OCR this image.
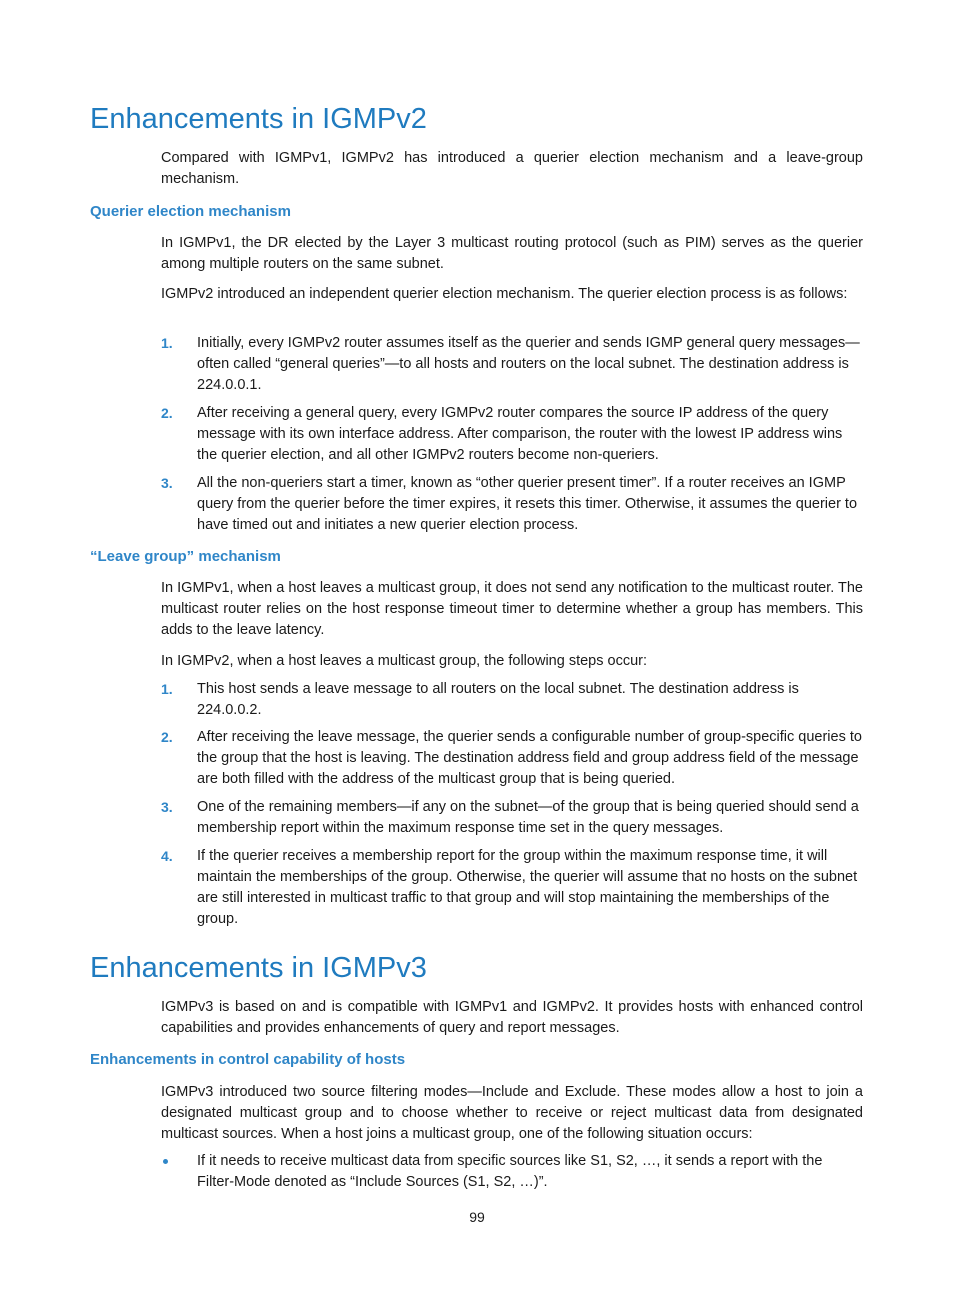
Enhancements in IGMPv2

Compared with IGMPv1, IGMPv2 has introduced a querier election mechanism and a leave-group mechanism.

Querier election mechanism

In IGMPv1, the DR elected by the Layer 3 multicast routing protocol (such as PIM) serves as the querier among multiple routers on the same subnet.

IGMPv2 introduced an independent querier election mechanism. The querier election process is as follows:

1. Initially, every IGMPv2 router assumes itself as the querier and sends IGMP general query messages—often called “general queries”—to all hosts and routers on the local subnet. The destination address is 224.0.0.1.
2. After receiving a general query, every IGMPv2 router compares the source IP address of the query message with its own interface address. After comparison, the router with the lowest IP address wins the querier election, and all other IGMPv2 routers become non-queriers.
3. All the non-queriers start a timer, known as “other querier present timer”. If a router receives an IGMP query from the querier before the timer expires, it resets this timer. Otherwise, it assumes the querier to have timed out and initiates a new querier election process.
“Leave group” mechanism

In IGMPv1, when a host leaves a multicast group, it does not send any notification to the multicast router. The multicast router relies on the host response timeout timer to determine whether a group has members. This adds to the leave latency.

In IGMPv2, when a host leaves a multicast group, the following steps occur:

1. This host sends a leave message to all routers on the local subnet. The destination address is 224.0.0.2.
2. After receiving the leave message, the querier sends a configurable number of group-specific queries to the group that the host is leaving. The destination address field and group address field of the message are both filled with the address of the multicast group that is being queried.
3. One of the remaining members—if any on the subnet—of the group that is being queried should send a membership report within the maximum response time set in the query messages.
4. If the querier receives a membership report for the group within the maximum response time, it will maintain the memberships of the group. Otherwise, the querier will assume that no hosts on the subnet are still interested in multicast traffic to that group and will stop maintaining the memberships of the group.
Enhancements in IGMPv3

IGMPv3 is based on and is compatible with IGMPv1 and IGMPv2. It provides hosts with enhanced control capabilities and provides enhancements of query and report messages.

Enhancements in control capability of hosts

IGMPv3 introduced two source filtering modes—Include and Exclude. These modes allow a host to join a designated multicast group and to choose whether to receive or reject multicast data from designated multicast sources. When a host joins a multicast group, one of the following situation occurs:

If it needs to receive multicast data from specific sources like S1, S2, …, it sends a report with the Filter-Mode denoted as “Include Sources (S1, S2, …)”.
99
